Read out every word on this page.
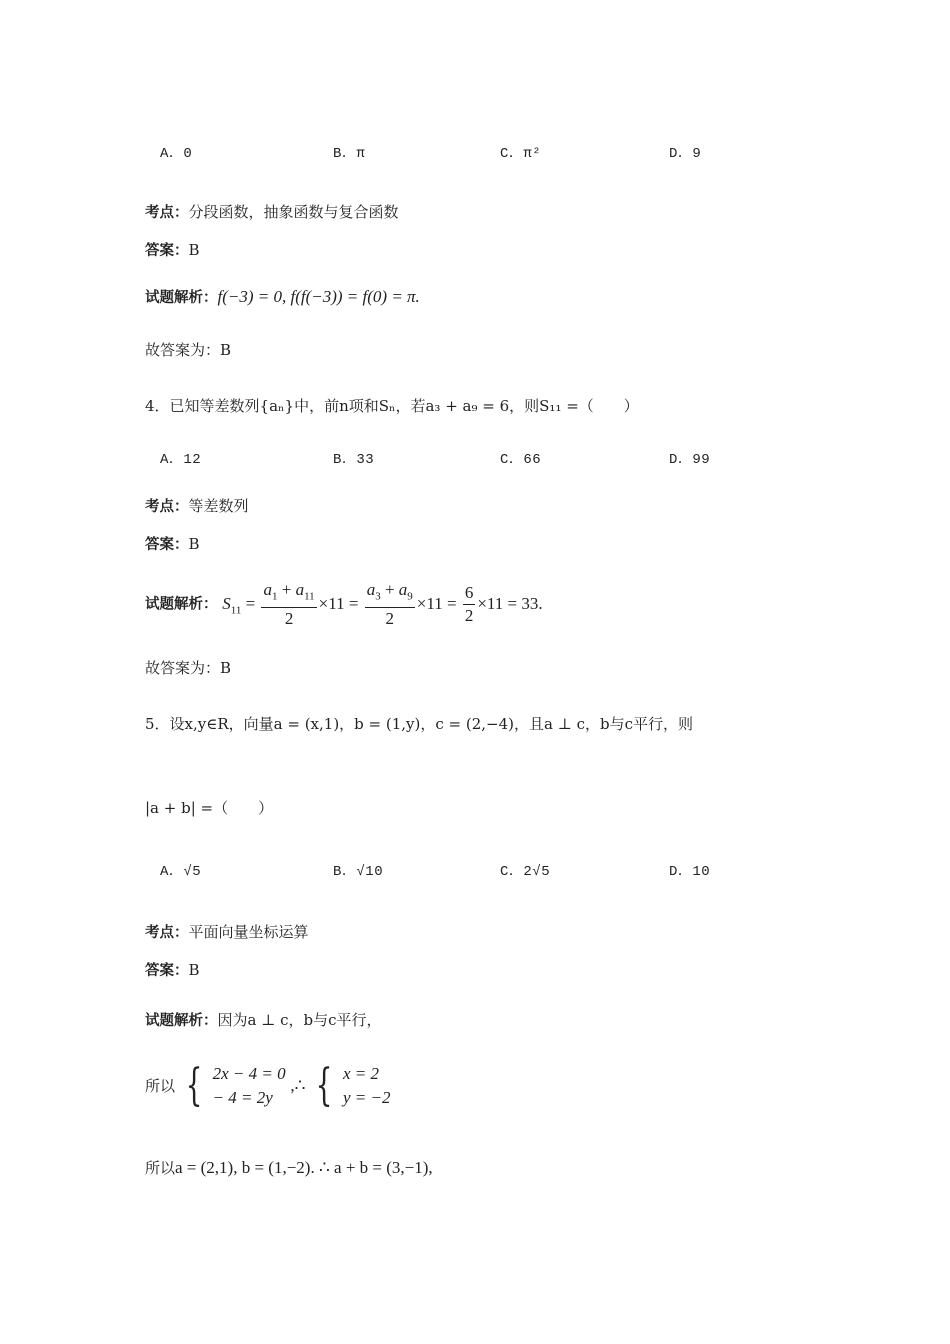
A．0	B．π	C．π²	D．9
考点：分段函数，抽象函数与复合函数
答案：B
试题解析：f(−3) = 0, f(f(−3)) = f(0) = π.
故答案为：B
4．已知等差数列{aₙ}中，前n项和Sₙ，若a₃ + a₉ = 6，则S₁₁ =（　　）
A．12	B．33	C．66	D．99
考点：等差数列
答案：B
试题解析： $S_{11} = \frac{a_1 + a_{11}}{2} \times 11 = \frac{a_3 + a_9}{2} \times 11 = \frac{6}{2} \times 11 = 33$.
故答案为：B
5．设x,y∈R，向量a = (x,1)，b = (1,y)，c = (2,−4)，且a ⊥ c，b与c平行，则
|a + b| =（　　）
A．√5	B．√10	C．2√5	D．10
考点：平面向量坐标运算
答案：B
试题解析：因为a ⊥ c，b与c平行，
所以 { 2x − 4 = 0
− 4 = 2y
,∴ { x = 2
y = −2
所以a = (2,1), b = (1,−2). ∴ a + b = (3,−1),
